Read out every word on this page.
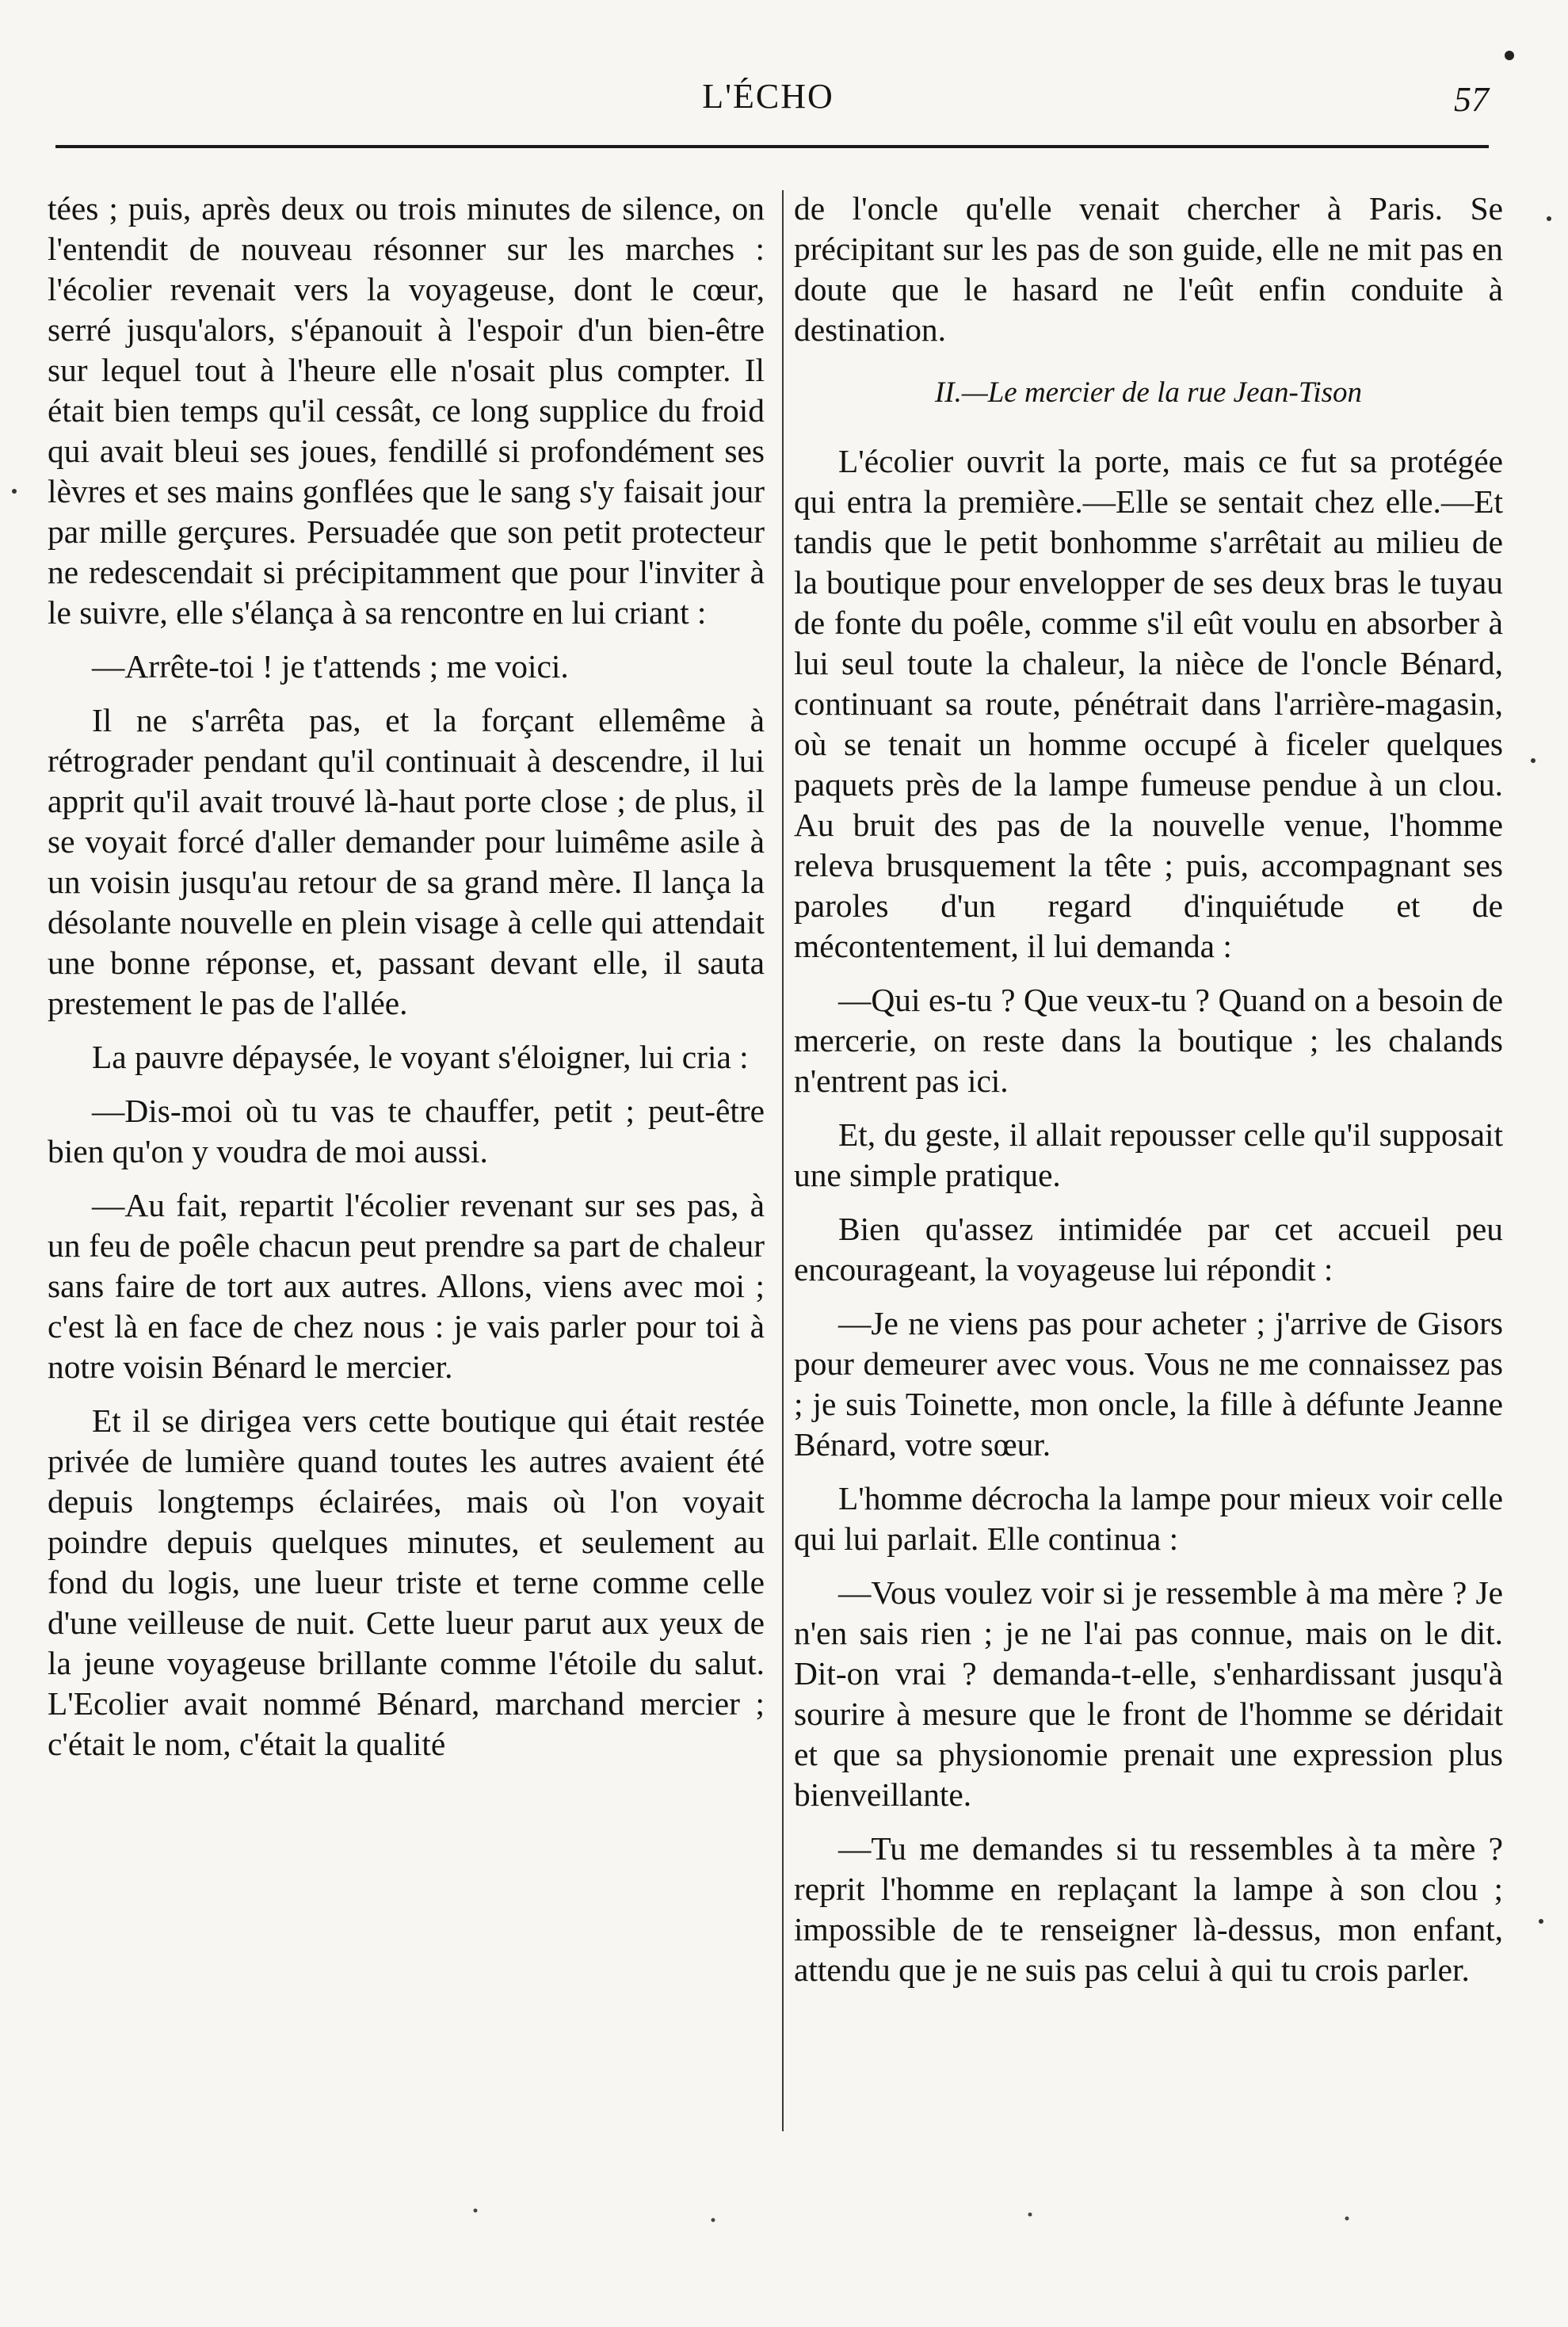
L'ÉCHO	57

tées ; puis, après deux ou trois minutes de silence, on l'entendit de nouveau résonner sur les marches : l'écolier revenait vers la voyageuse, dont le cœur, serré jusqu'alors, s'épanouit à l'espoir d'un bien-être sur lequel tout à l'heure elle n'osait plus compter. Il était bien temps qu'il cessât, ce long supplice du froid qui avait bleui ses joues, fendillé si profondément ses lèvres et ses mains gonflées que le sang s'y faisait jour par mille gerçures. Persuadée que son petit protecteur ne redescendait si précipitamment que pour l'inviter à le suivre, elle s'élança à sa rencontre en lui criant :

—Arrête-toi ! je t'attends ; me voici.

Il ne s'arrêta pas, et la forçant ellemême à rétrograder pendant qu'il continuait à descendre, il lui apprit qu'il avait trouvé là-haut porte close ; de plus, il se voyait forcé d'aller demander pour luimême asile à un voisin jusqu'au retour de sa grand mère. Il lança la désolante nouvelle en plein visage à celle qui attendait une bonne réponse, et, passant devant elle, il sauta prestement le pas de l'allée.

La pauvre dépaysée, le voyant s'éloigner, lui cria :

—Dis-moi où tu vas te chauffer, petit ; peut-être bien qu'on y voudra de moi aussi.

—Au fait, repartit l'écolier revenant sur ses pas, à un feu de poêle chacun peut prendre sa part de chaleur sans faire de tort aux autres. Allons, viens avec moi ; c'est là en face de chez nous : je vais parler pour toi à notre voisin Bénard le mercier.

Et il se dirigea vers cette boutique qui était restée privée de lumière quand toutes les autres avaient été depuis longtemps éclairées, mais où l'on voyait poindre depuis quelques minutes, et seulement au fond du logis, une lueur triste et terne comme celle d'une veilleuse de nuit. Cette lueur parut aux yeux de la jeune voyageuse brillante comme l'étoile du salut. L'Ecolier avait nommé Bénard, marchand mercier ; c'était le nom, c'était la qualité

de l'oncle qu'elle venait chercher à Paris. Se précipitant sur les pas de son guide, elle ne mit pas en doute que le hasard ne l'eût enfin conduite à destination.

II.—Le mercier de la rue Jean-Tison

L'écolier ouvrit la porte, mais ce fut sa protégée qui entra la première.—Elle se sentait chez elle.—Et tandis que le petit bonhomme s'arrêtait au milieu de la boutique pour envelopper de ses deux bras le tuyau de fonte du poêle, comme s'il eût voulu en absorber à lui seul toute la chaleur, la nièce de l'oncle Bénard, continuant sa route, pénétrait dans l'arrière-magasin, où se tenait un homme occupé à ficeler quelques paquets près de la lampe fumeuse pendue à un clou. Au bruit des pas de la nouvelle venue, l'homme releva brusquement la tête ; puis, accompagnant ses paroles d'un regard d'inquiétude et de mécontentement, il lui demanda :

—Qui es-tu ? Que veux-tu ? Quand on a besoin de mercerie, on reste dans la boutique ; les chalands n'entrent pas ici.

Et, du geste, il allait repousser celle qu'il supposait une simple pratique.

Bien qu'assez intimidée par cet accueil peu encourageant, la voyageuse lui répondit :

—Je ne viens pas pour acheter ; j'arrive de Gisors pour demeurer avec vous. Vous ne me connaissez pas ; je suis Toinette, mon oncle, la fille à défunte Jeanne Bénard, votre sœur.

L'homme décrocha la lampe pour mieux voir celle qui lui parlait. Elle continua :

—Vous voulez voir si je ressemble à ma mère ? Je n'en sais rien ; je ne l'ai pas connue, mais on le dit. Dit-on vrai ? demanda-t-elle, s'enhardissant jusqu'à sourire à mesure que le front de l'homme se déridait et que sa physionomie prenait une expression plus bienveillante.

—Tu me demandes si tu ressembles à ta mère ? reprit l'homme en replaçant la lampe à son clou ; impossible de te renseigner là-dessus, mon enfant, attendu que je ne suis pas celui à qui tu crois parler.
